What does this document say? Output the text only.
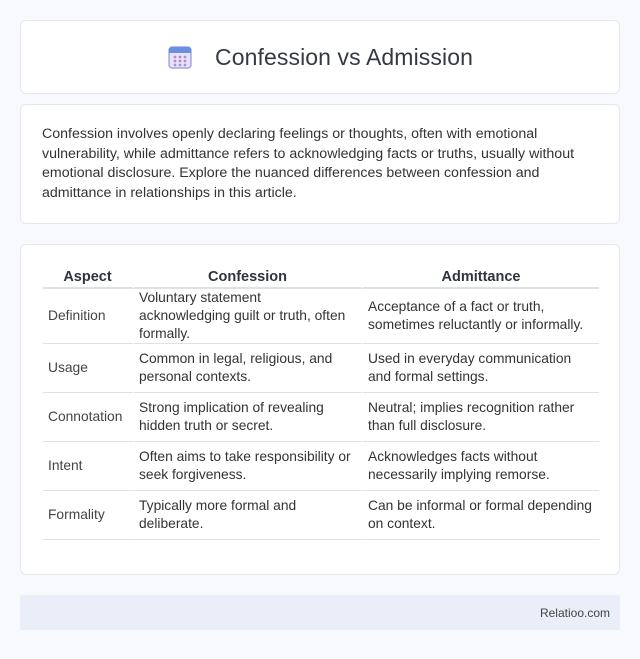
Confession vs Admission

Confession involves openly declaring feelings or thoughts, often with emotional vulnerability, while admittance refers to acknowledging facts or truths, usually without emotional disclosure. Explore the nuanced differences between confession and admittance in relationships in this article.

Aspect	Confession	Admittance
Definition	Voluntary statement acknowledging guilt or truth, often formally.	Acceptance of a fact or truth, sometimes reluctantly or informally.
Usage	Common in legal, religious, and personal contexts.	Used in everyday communication and formal settings.
Connotation	Strong implication of revealing hidden truth or secret.	Neutral; implies recognition rather than full disclosure.
Intent	Often aims to take responsibility or seek forgiveness.	Acknowledges facts without necessarily implying remorse.
Formality	Typically more formal and deliberate.	Can be informal or formal depending on context.
Relatioo.com
